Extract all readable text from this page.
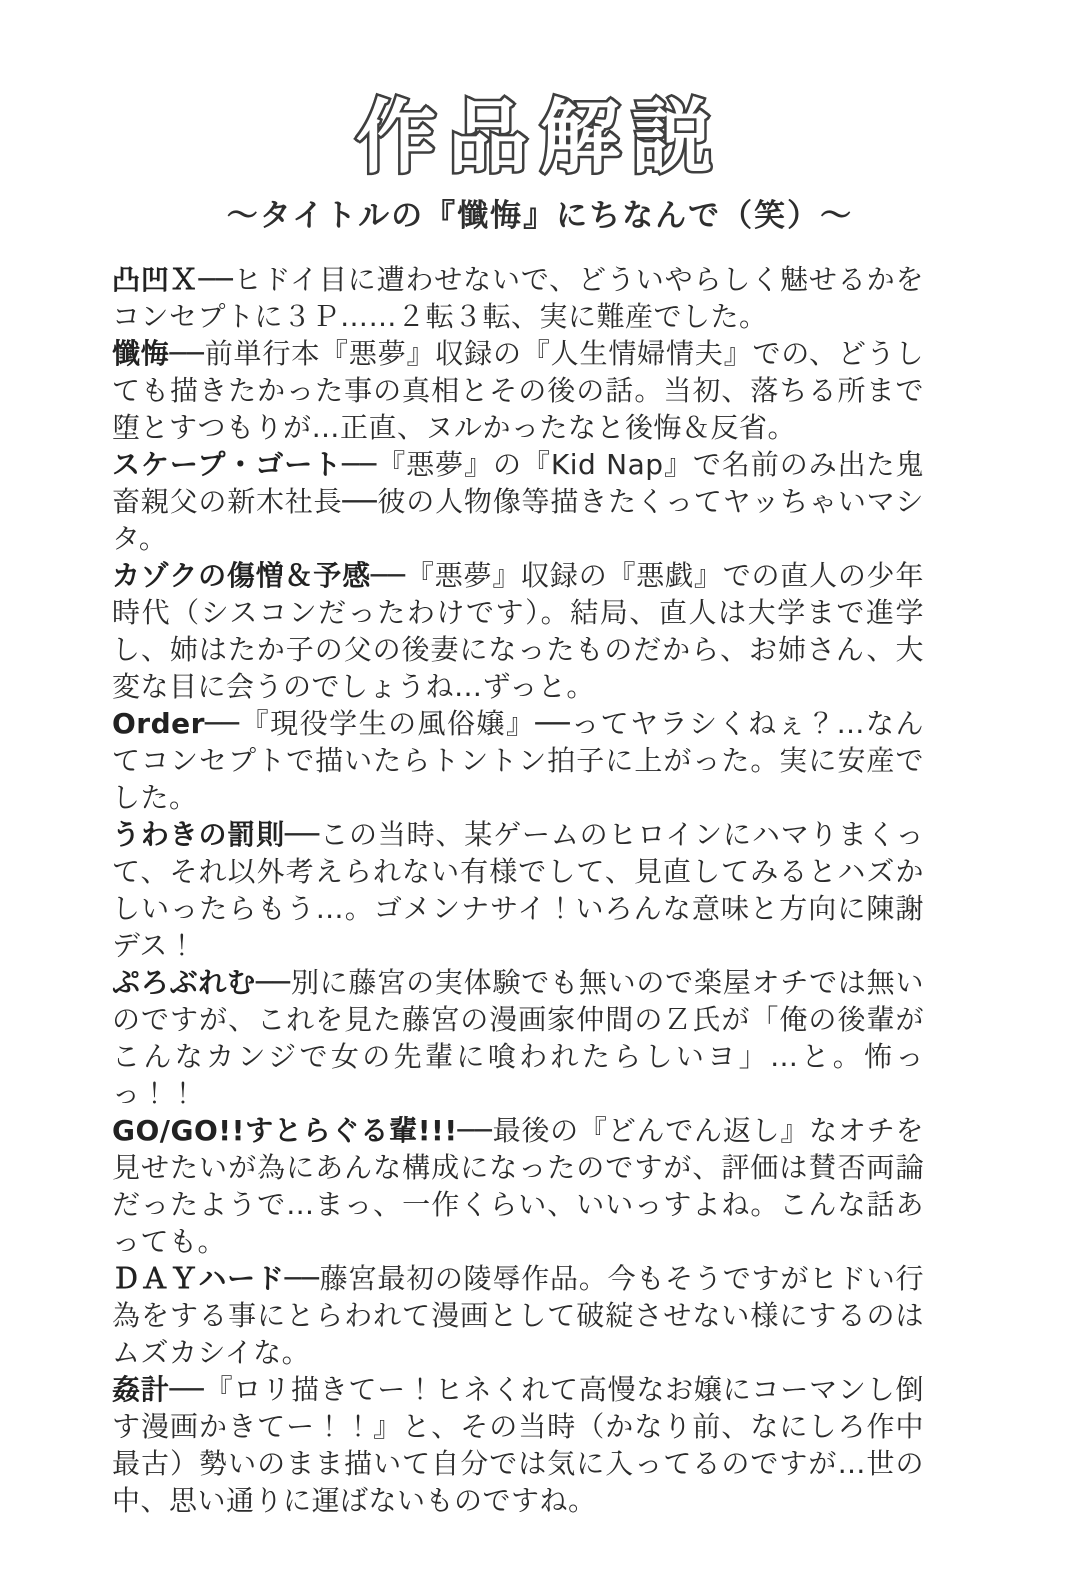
作品解説
〜タイトルの『懺悔』にちなんで（笑）〜

凸凹Ｘ──ヒドイ目に遭わせないで、どういやらしく魅せるかをコンセプトに３Ｐ……２転３転、実に難産でした。

懺悔──前単行本『悪夢』収録の『人生情婦情夫』での、どうしても描きたかった事の真相とその後の話。当初、落ちる所まで堕とすつもりが…正直、ヌルかったなと後悔＆反省。

スケープ・ゴート──『悪夢』の『Kid Nap』で名前のみ出た鬼畜親父の新木社長──彼の人物像等描きたくってヤッちゃいマシタ。

カゾクの傷憎＆予感──『悪夢』収録の『悪戯』での直人の少年時代（シスコンだったわけです）。結局、直人は大学まで進学し、姉はたか子の父の後妻になったものだから、お姉さん、大変な目に会うのでしょうね…ずっと。

Order──『現役学生の風俗嬢』──ってヤラシくねぇ？…なんてコンセプトで描いたらトントン拍子に上がった。実に安産でした。

うわきの罰則──この当時、某ゲームのヒロインにハマりまくって、それ以外考えられない有様でして、見直してみるとハズかしいったらもう…。ゴメンナサイ！いろんな意味と方向に陳謝デス！

ぷろぶれむ──別に藤宮の実体験でも無いので楽屋オチでは無いのですが、これを見た藤宮の漫画家仲間のＺ氏が「俺の後輩がこんなカンジで女の先輩に喰われたらしいヨ」…と。怖っっ！！

GO/GO!!すとらぐる輩!!!──最後の『どんでん返し』なオチを見せたいが為にあんな構成になったのですが、評価は賛否両論だったようで…まっ、一作くらい、いいっすよね。こんな話あっても。

ＤＡＹハード──藤宮最初の陵辱作品。今もそうですがヒドい行為をする事にとらわれて漫画として破綻させない様にするのはムズカシイな。

姦計──『ロリ描きてー！ヒネくれて高慢なお嬢にコーマンし倒す漫画かきてー！！』と、その当時（かなり前、なにしろ作中最古）勢いのまま描いて自分では気に入ってるのですが…世の中、思い通りに運ばないものですね。
